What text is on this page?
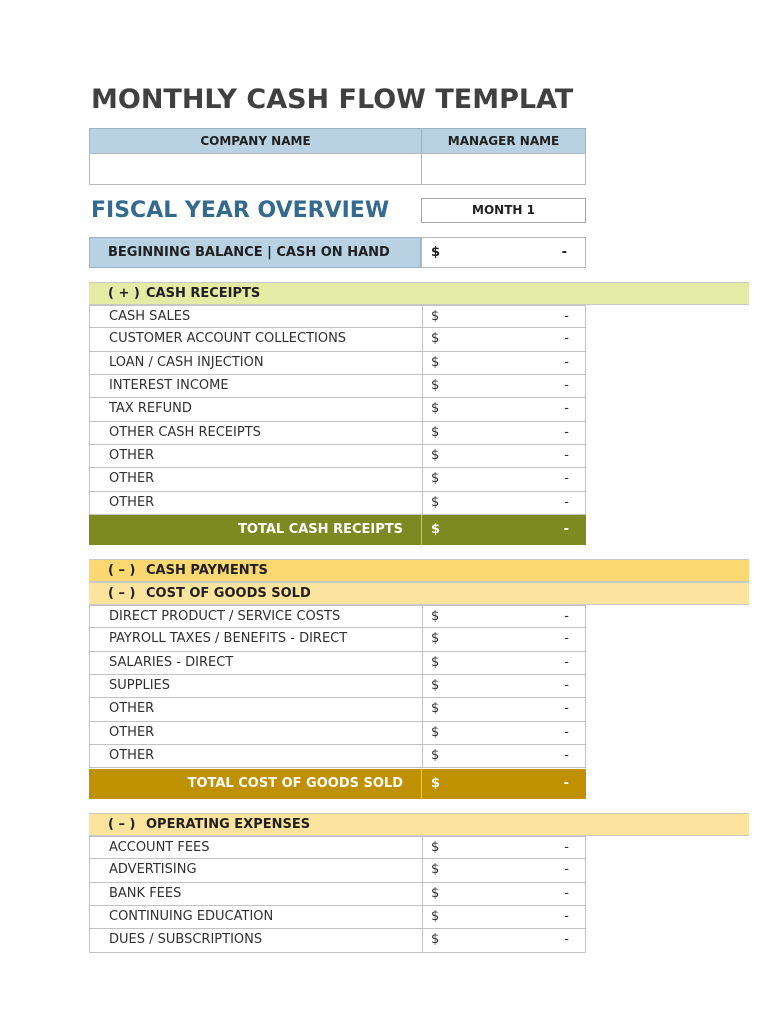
MONTHLY CASH FLOW TEMPLAT
COMPANY NAME	MANAGER NAME
FISCAL YEAR OVERVIEW	MONTH 1
BEGINNING BALANCE | CASH ON HAND	$	-
( + ) CASH RECEIPTS
CASH SALES	$	-
CUSTOMER ACCOUNT COLLECTIONS	$	-
LOAN / CASH INJECTION	$	-
INTEREST INCOME	$	-
TAX REFUND	$	-
OTHER CASH RECEIPTS	$	-
OTHER	$	-
OTHER	$	-
OTHER	$	-
TOTAL CASH RECEIPTS $	-
( – ) CASH PAYMENTS
( – ) COST OF GOODS SOLD
DIRECT PRODUCT / SERVICE COSTS	$	-
PAYROLL TAXES / BENEFITS - DIRECT	$	-
SALARIES - DIRECT	$	-
SUPPLIES	$	-
OTHER	$	-
OTHER	$	-
OTHER	$	-
TOTAL COST OF GOODS SOLD $	-
( – ) OPERATING EXPENSES
ACCOUNT FEES	$	-
ADVERTISING	$	-
BANK FEES	$	-
CONTINUING EDUCATION	$	-
DUES / SUBSCRIPTIONS	$	-
